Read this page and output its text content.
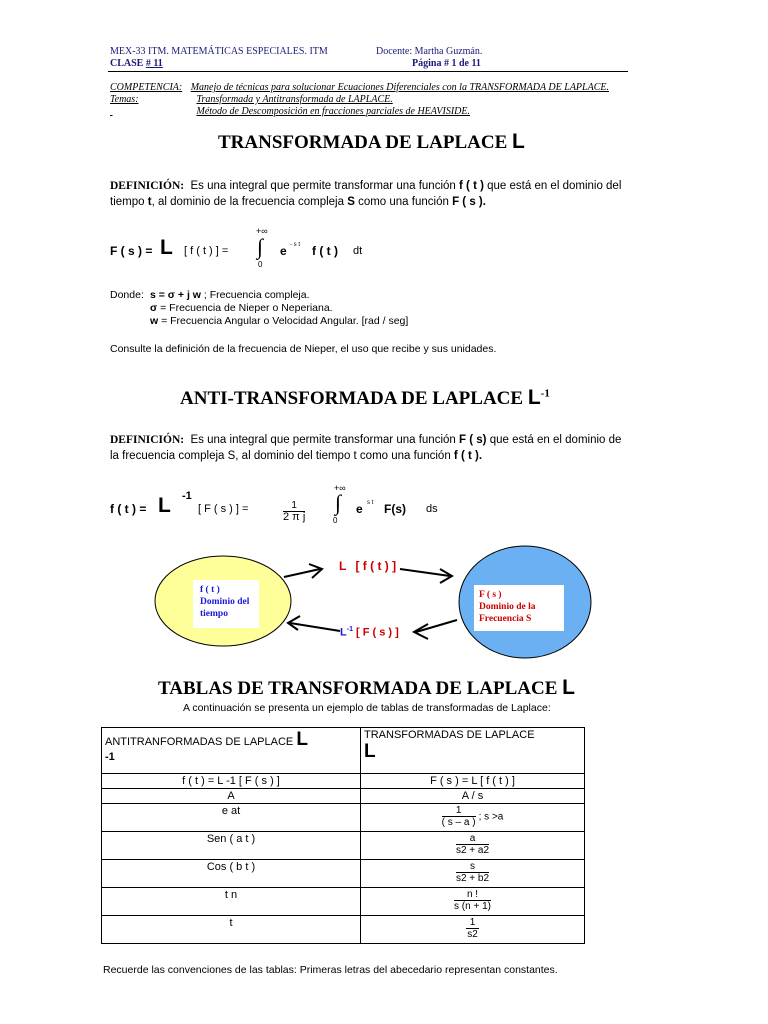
MEX-33 ITM. MATEMÁTICAS ESPECIALES. ITM	Docente: Martha Guzmán.
CLASE # 11	Página # 1 de 11
COMPETENCIA: Manejo de técnicas para solucionar Ecuaciones Diferenciales con la TRANSFORMADA DE LAPLACE.
Temas:	Transformada y Antitransformada de LAPLACE.
Método de Descomposición en fracciones parciales de HEAVISIDE.
TRANSFORMADA DE LAPLACE L
DEFINICIÓN: Es una integral que permite transformar una función f ( t ) que está en el dominio del
tiempo t, al dominio de la frecuencia compleja S como una función F ( s ).
F ( s ) = L [ f ( t ) ] =
+∞
∫
0
e - s t f ( t ) dt
Donde: s = σ + j w ; Frecuencia compleja.
σ = Frecuencia de Nieper o Neperiana.
w = Frecuencia Angular o Velocidad Angular. [rad / seg]
Consulte la definición de la frecuencia de Nieper, el uso que recibe y sus unidades.
ANTI-TRANSFORMADA DE LAPLACE $L^{-1}$
DEFINICIÓN: Es una integral que permite transformar una función F ( s) que está en el dominio de
la frecuencia compleja S, al dominio del tiempo t como una función f ( t ).
f ( t ) = L -1
[ F ( s ) ] =	$\frac{1}{\text{2 π j}}$
+∞
∫
0
e s t F(s) ds
f ( t )
Dominio del
tiempo
F ( s )
Dominio de la
Frecuencia S
L [ f ( t ) ]
$L^{-1}$ [ F ( s ) ]
TABLAS DE TRANSFORMADA DE LAPLACE L
A continuación se presenta un ejemplo de tablas de transformadas de Laplace:
ANTITRANFORMADAS DE LAPLACE L
-1	TRANSFORMADAS DE LAPLACE
L
f ( t ) = L -1 [ F ( s ) ]	F ( s ) = L [ f ( t ) ]
A	A / s
e at	$\frac{1}{( s - a )}$ ; s >a
Sen ( a t )	$\frac{a}{s2 + a2}$

Cos ( b t )	$\frac{s}{s2 + b2}$

t n	$\frac{n !}{s (n + 1)}$

t	$\frac{1}{s2}$
Recuerde las convenciones de las tablas: Primeras letras del abecedario representan constantes.
